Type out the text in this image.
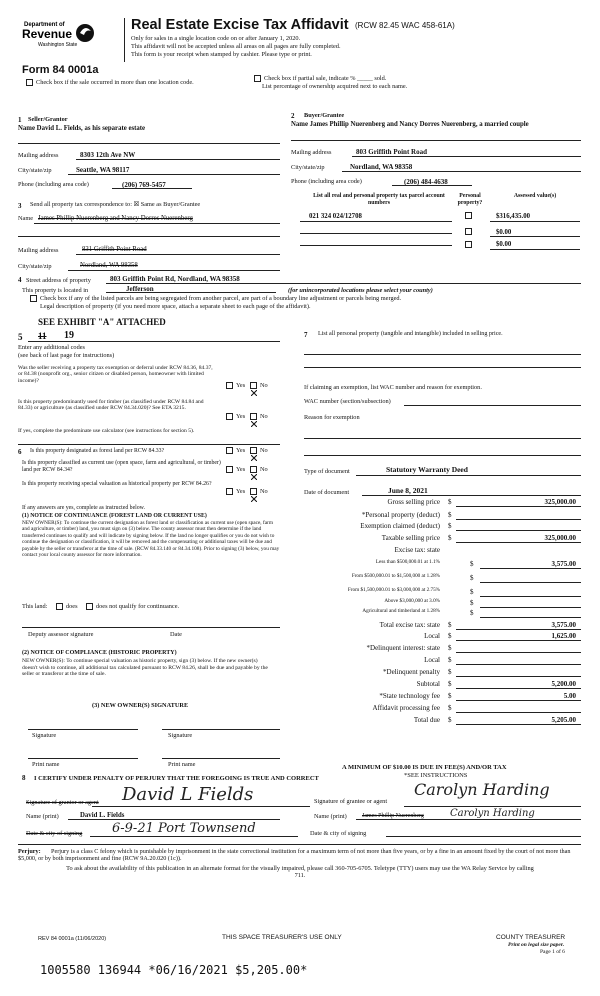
Department of
Revenue
Washington State
Real Estate Excise Tax Affidavit (RCW 82.45 WAC 458-61A)
Only for sales in a single location code on or after January 1, 2020.
This affidavit will not be accepted unless all areas on all pages are fully completed.
This form is your receipt when stamped by cashier. Please type or print.
Form 84 0001a
Check box if the sale occurred in more than one location code.
Check box if partial sale, indicate % _____ sold.
List percentage of ownership acquired next to each name.
1 Seller/Grantor
Name David L. Fields, as his separate estate
Mailing address	8303 12th Ave NW
City/state/zip	Seattle, WA 98117
Phone (including area code)	(206) 769-5457
2 Buyer/Grantee
Name James Phillip Nuerenberg and Nancy Dorres Nuerenberg, a married couple
Mailing address	803 Griffith Point Road
City/state/zip	Nordland, WA 98358
Phone (including area code)	(206) 484-4638
3 Send all property tax correspondence to: ☒ Same as Buyer/Grantee
Name James Phillip Nuerenberg and Nancy Dorres Nuerenberg
Mailing address	831 Griffith Point Road
City/state/zip	Nordland, WA 98358
List all real and personal property tax parcel account numbers
Personal property?
Assessed value(s)
021 324 024/12708	$316,435.00
$0.00
$0.00
4 Street address of property	803 Griffith Point Rd, Nordland, WA 98358
This property is located in	Jefferson	(for unincorporated locations please select your county)
Check box if any of the listed parcels are being segregated from another parcel, are part of a boundary line adjustment or parcels being merged.
Legal description of property (if you need more space, attach a separate sheet to each page of the affidavit).
SEE EXHIBIT "A" ATTACHED
5 11 19
Enter any additional codes
(see back of last page for instructions)
Was the seller receiving a property tax exemption or deferral under RCW 84.36, 84.37, or 84.38 (nonprofit org., senior citizen or disabled person, homeowner with limited income)?
Yes No
Is this property predominantly used for timber (as classified under RCW 84.84 and 84.33) or agriculture (as classified under RCW 84.34.020)? See ETA 3215.
Yes No
If yes, complete the predominate use calculator (see instructions for section 5).
6 Is this property designated as forest land per RCW 84.33?	Yes No
Is this property classified as current use (open space, farm and agricultural, or timber) land per RCW 84.34?	Yes No
Is this property receiving special valuation as historical property per RCW 84.26?
Yes No
If any answers are yes, complete as instructed below.
(1) NOTICE OF CONTINUANCE (FOREST LAND OR CURRENT USE)
NEW OWNER(S): To continue the current designation as forest land or classification as current use (open space, farm and agriculture, or timber) land, you must sign on (3) below. The county assessor must then determine if the land transferred continues to qualify and will indicate by signing below. If the land no longer qualifies or you do not wish to continue the designation or classification, it will be removed and the compensating or additional taxes will be due and payable by the seller or transferor at the time of sale. (RCW 84.33.140 or 84.34.108). Prior to signing (3) below, you may contact your local county assessor for more information.
This land:	does	does not qualify for continuance.
Deputy assessor signature	Date
(2) NOTICE OF COMPLIANCE (HISTORIC PROPERTY)
NEW OWNER(S): To continue special valuation as historic property, sign (3) below. If the new owner(s) doesn't wish to continue, all additional tax calculated pursuant to RCW 84.26, shall be due and payable by the seller or transferor at the time of sale.
(3) NEW OWNER(S) SIGNATURE
Signature	Signature
Print name	Print name
7	List all personal property (tangible and intangible) included in selling price.
If claiming an exemption, list WAC number and reason for exemption.
WAC number (section/subsection)
Reason for exemption
Type of document	Statutory Warranty Deed
Date of document	June 8, 2021
Gross selling price $	325,000.00
*Personal property (deduct) $
Exemption claimed (deduct) $
Taxable selling price $	325,000.00
Excise tax: state
Less than $500,000.01 at 1.1%	$	3,575.00
From $500,000.01 to $1,500,000 at 1.28%	$
From $1,500,000.01 to $3,000,000 at 2.75%	$
Above $3,000,000 at 3.0%	$
Agricultural and timberland at 1.28%	$
Total excise tax: state $	3,575.00
Local $	1,625.00
*Delinquent interest: state $
Local $
*Delinquent penalty $
Subtotal $	5,200.00
*State technology fee $	5.00
Affidavit processing fee $
Total due $	5,205.00
A MINIMUM OF $10.00 IS DUE IN FEE(S) AND/OR TAX
*SEE INSTRUCTIONS
8 I CERTIFY UNDER PENALTY OF PERJURY THAT THE FOREGOING IS TRUE AND CORRECT
Signature of grantor or agent David L Fields	Signature of grantee or agent
Carolyn Harding
Name (print)	David L. Fields	Name (print)	James Phillip Nuerenberg	Carolyn Harding
Date & city of signing 6-9-21 Port Townsend	Date & city of signing
Perjury:	Perjury is a class C felony which is punishable by imprisonment in the state correctional institution for a maximum term of not more than five years, or by a fine in an amount fixed by the court of not more than $5,000, or by both imprisonment and fine (RCW 9A.20.020 (1c)).
To ask about the availability of this publication in an alternate format for the visually impaired, please call 360-705-6705. Teletype (TTY) users may use the WA Relay Service by calling 711.
REV 84 0001a (11/06/2020)	THIS SPACE TREASURER'S USE ONLY	COUNTY TREASURER
Print on legal size paper.
Page 1 of 6
1005580 136944 *06/16/2021 $5,205.00*
